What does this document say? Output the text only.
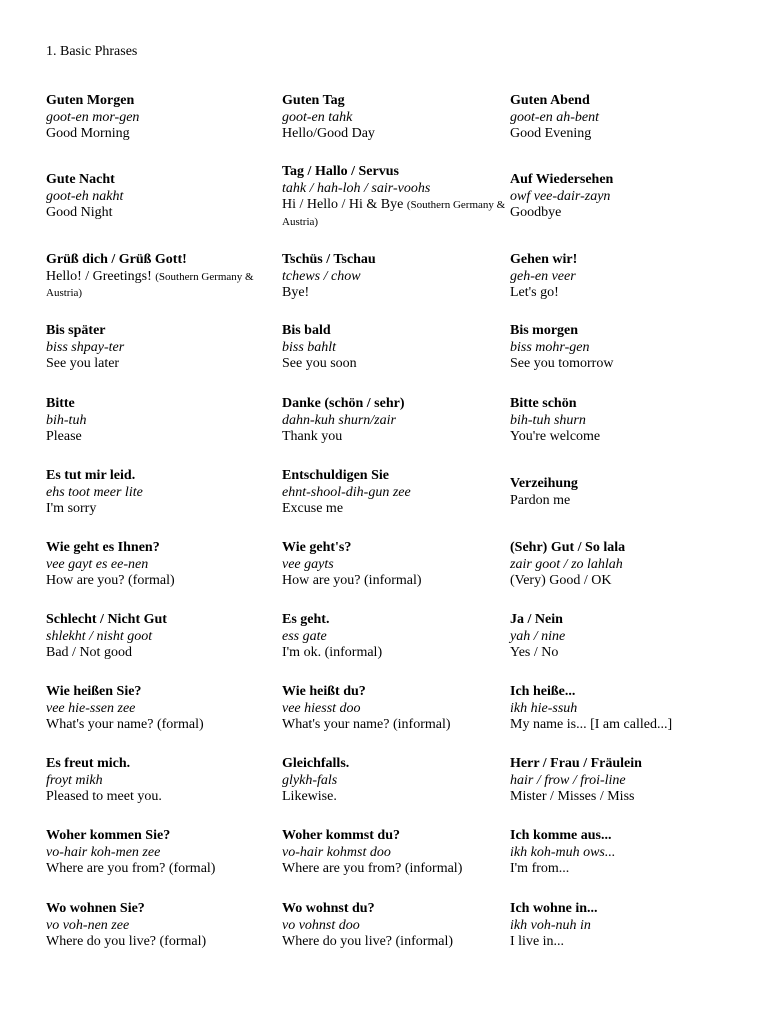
1. Basic Phrases
Guten Morgen
goot-en mor-gen
Good Morning
Guten Tag
goot-en tahk
Hello/Good Day
Guten Abend
goot-en ah-bent
Good Evening
Gute Nacht
goot-eh nakht
Good Night
Tag / Hallo / Servus
tahk / hah-loh / sair-voohs
Hi / Hello / Hi & Bye (Southern Germany & Austria)
Auf Wiedersehen
owf vee-dair-zayn
Goodbye
Grüß dich / Grüß Gott!
Hello! / Greetings! (Southern Germany & Austria)
Tschüs / Tschau
tchews / chow
Bye!
Gehen wir!
geh-en veer
Let's go!
Bis später
biss shpay-ter
See you later
Bis bald
biss bahlt
See you soon
Bis morgen
biss mohr-gen
See you tomorrow
Bitte
bih-tuh
Please
Danke (schön / sehr)
dahn-kuh shurn/zair
Thank you
Bitte schön
bih-tuh shurn
You're welcome
Es tut mir leid.
ehs toot meer lite
I'm sorry
Entschuldigen Sie
ehnt-shool-dih-gun zee
Excuse me
Verzeihung
Pardon me
Wie geht es Ihnen?
vee gayt es ee-nen
How are you? (formal)
Wie geht's?
vee gayts
How are you? (informal)
(Sehr) Gut / So lala
zair goot / zo lahlah
(Very) Good / OK
Schlecht / Nicht Gut
shlekht / nisht goot
Bad / Not good
Es geht.
ess gate
I'm ok. (informal)
Ja / Nein
yah / nine
Yes / No
Wie heißen Sie?
vee hie-ssen zee
What's your name? (formal)
Wie heißt du?
vee hiesst doo
What's your name? (informal)
Ich heiße...
ikh hie-ssuh
My name is... [I am called...]
Es freut mich.
froyt mikh
Pleased to meet you.
Gleichfalls.
glykh-fals
Likewise.
Herr / Frau / Fräulein
hair / frow / froi-line
Mister / Misses / Miss
Woher kommen Sie?
vo-hair koh-men zee
Where are you from? (formal)
Woher kommst du?
vo-hair kohmst doo
Where are you from? (informal)
Ich komme aus...
ikh koh-muh ows...
I'm from...
Wo wohnen Sie?
vo voh-nen zee
Where do you live? (formal)
Wo wohnst du?
vo vohnst doo
Where do you live? (informal)
Ich wohne in...
ikh voh-nuh in
I live in...
